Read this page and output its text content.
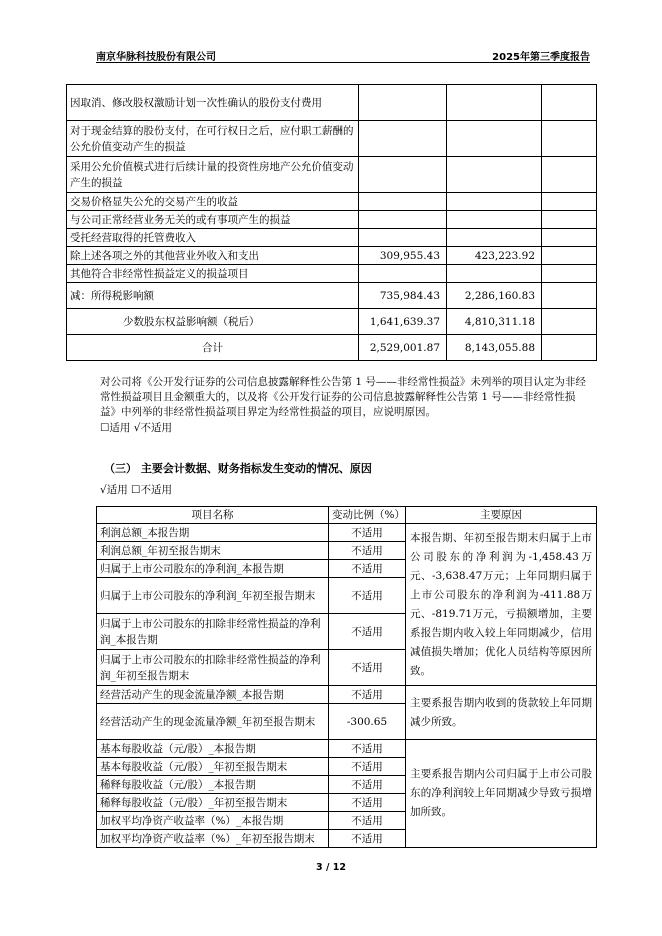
南京华脉科技股份有限公司	2025年第三季度报告
因取消、修改股权激励计划一次性确认的股份支付费用			
对于现金结算的股份支付，在可行权日之后，应付职工薪酬的公允价值变动产生的损益			
采用公允价值模式进行后续计量的投资性房地产公允价值变动产生的损益			
交易价格显失公允的交易产生的收益			
与公司正常经营业务无关的或有事项产生的损益			
受托经营取得的托管费收入			
除上述各项之外的其他营业外收入和支出	309,955.43	423,223.92	
其他符合非经常性损益定义的损益项目			
减：所得税影响额	735,984.43	2,286,160.83	
少数股东权益影响额（税后）	1,641,639.37	4,810,311.18	
合计	2,529,001.87	8,143,055.88	

对公司将《公开发行证券的公司信息披露解释性公告第 1 号——非经常性损益》未列举的项目认定为非经常性损益项目且金额重大的，以及将《公开发行证券的公司信息披露解释性公告第 1 号——非经常性损益》中列举的非经常性损益项目界定为经常性损益的项目，应说明原因。

☐适用 √不适用
（三） 主要会计数据、财务指标发生变动的情况、原因
√适用 ☐不适用
项目名称	变动比例（%）	主要原因
利润总额_本报告期	不适用	本报告期、年初至报告期末归属于上市公司股东的净利润为-1,458.43万元、-3,638.47万元；上年同期归属于上市公司股东的净利润为-411.88万元、-819.71万元，亏损额增加，主要系报告期内收入较上年同期减少，信用减值损失增加；优化人员结构等原因所致。
利润总额_年初至报告期末	不适用	
归属于上市公司股东的净利润_本报告期	不适用	
归属于上市公司股东的净利润_年初至报告期末	不适用	
归属于上市公司股东的扣除非经常性损益的净利润_本报告期	不适用	
归属于上市公司股东的扣除非经常性损益的净利润_年初至报告期末	不适用	
经营活动产生的现金流量净额_本报告期	不适用	主要系报告期内收到的货款较上年同期减少所致。
经营活动产生的现金流量净额_年初至报告期末	-300.65	
基本每股收益（元/股）_本报告期	不适用	主要系报告期内公司归属于上市公司股东的净利润较上年同期减少导致亏损增加所致。
基本每股收益（元/股）_年初至报告期末	不适用	
稀释每股收益（元/股）_本报告期	不适用	
稀释每股收益（元/股）_年初至报告期末	不适用	
加权平均净资产收益率（%）_本报告期	不适用	
加权平均净资产收益率（%）_年初至报告期末	不适用	
3 / 12
